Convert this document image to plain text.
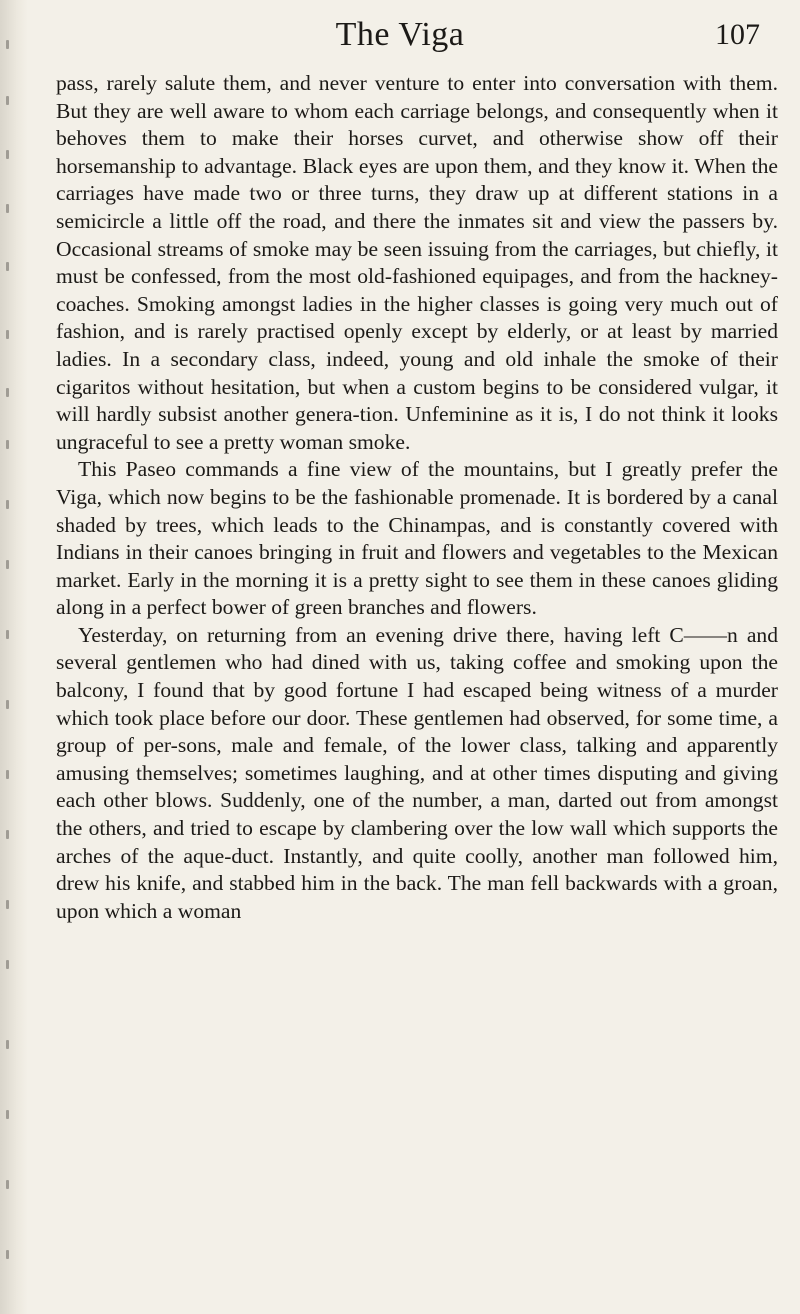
The Viga	107

pass, rarely salute them, and never venture to enter into conversation with them. But they are well aware to whom each carriage belongs, and consequently when it behoves them to make their horses curvet, and otherwise show off their horsemanship to advantage. Black eyes are upon them, and they know it. When the carriages have made two or three turns, they draw up at different stations in a semicircle a little off the road, and there the inmates sit and view the passers by. Occasional streams of smoke may be seen issuing from the carriages, but chiefly, it must be confessed, from the most old-fashioned equipages, and from the hackney-coaches. Smoking amongst ladies in the higher classes is going very much out of fashion, and is rarely practised openly except by elderly, or at least by married ladies. In a secondary class, indeed, young and old inhale the smoke of their cigaritos without hesitation, but when a custom begins to be considered vulgar, it will hardly subsist another genera-tion. Unfeminine as it is, I do not think it looks ungraceful to see a pretty woman smoke.

This Paseo commands a fine view of the mountains, but I greatly prefer the Viga, which now begins to be the fashionable promenade. It is bordered by a canal shaded by trees, which leads to the Chinampas, and is constantly covered with Indians in their canoes bringing in fruit and flowers and vegetables to the Mexican market. Early in the morning it is a pretty sight to see them in these canoes gliding along in a perfect bower of green branches and flowers.

Yesterday, on returning from an evening drive there, having left C——n and several gentlemen who had dined with us, taking coffee and smoking upon the balcony, I found that by good fortune I had escaped being witness of a murder which took place before our door. These gentlemen had observed, for some time, a group of per-sons, male and female, of the lower class, talking and apparently amusing themselves; sometimes laughing, and at other times disputing and giving each other blows. Suddenly, one of the number, a man, darted out from amongst the others, and tried to escape by clambering over the low wall which supports the arches of the aque-duct. Instantly, and quite coolly, another man followed him, drew his knife, and stabbed him in the back. The man fell backwards with a groan, upon which a woman
